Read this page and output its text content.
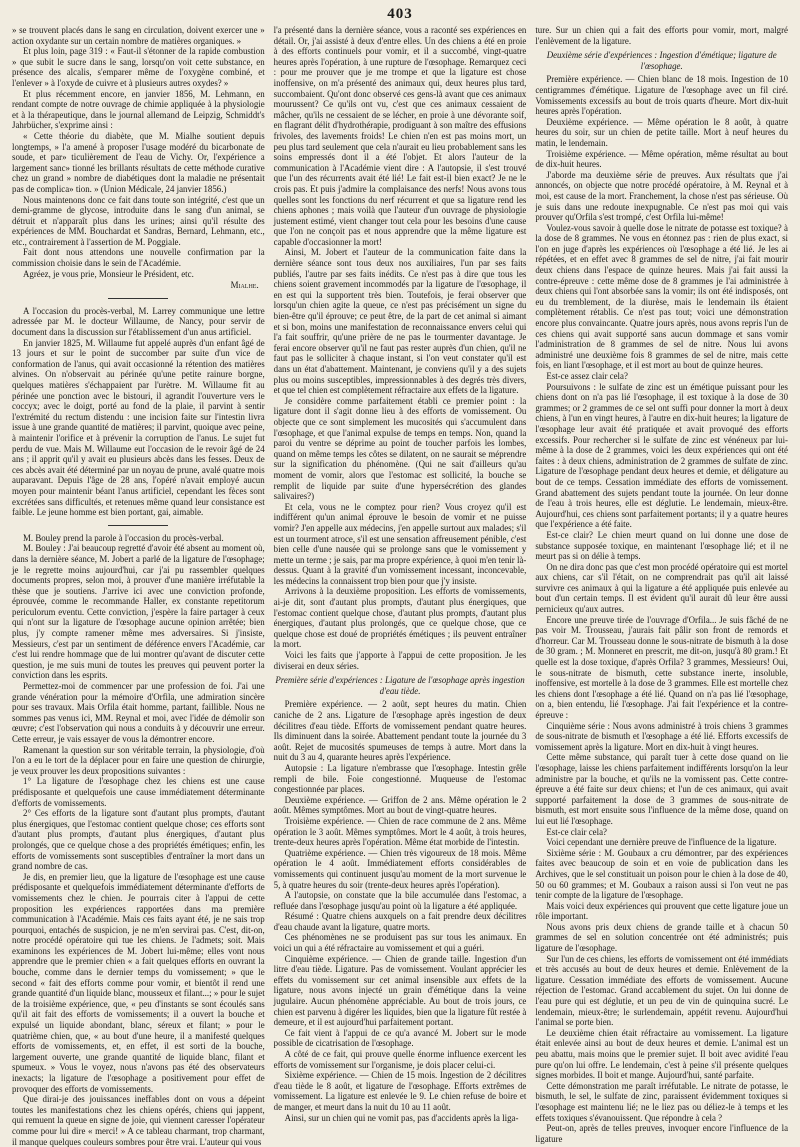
403

» se trouvent placés dans le sang en circulation, doivent exercer une » action oxydante sur un certain nombre de matières organiques. »

Et plus loin, page 319 : « Faut-il s'étonner de la rapide combustion » que subit le sucre dans le sang, lorsqu'on voit cette substance, en présence des alcalis, s'emparer même de l'oxygène combiné, et l'enlever » à l'oxyde de cuivre et à plusieurs autres oxydes? »

Et plus récemment encore, en janvier 1856, M. Lehmann, en rendant compte de notre ouvrage de chimie appliquée à la physiologie et à la thérapeutique, dans le journal allemand de Leipzig, Schmiddt's Jahrbücher, s'exprime ainsi :

« Cette théorie du diabète, que M. Mialhe soutient depuis longtemps, » l'a amené à proposer l'usage modéré du bicarbonate de soude, et par» ticulièrement de l'eau de Vichy. Or, l'expérience a largement sanc» tionné les brillants résultats de cette méthode curative chez un grand » nombre de diabétiques dont la maladie ne présentait pas de complica» tion. » (Union Médicale, 24 janvier 1856.)

Nous maintenons donc ce fait dans toute son intégrité, c'est que un demi-gramme de glycose, introduite dans le sang d'un animal, se détruit et n'apparaît plus dans les urines; ainsi qu'il résulte des expériences de MM. Bouchardat et Sandras, Bernard, Lehmann, etc., etc., contrairement à l'assertion de M. Poggiale.

Fait dont nous attendons une nouvelle confirmation par la commission choisie dans le sein de l'Académie.

Agréez, je vous prie, Monsieur le Président, etc.

Mialhe.

A l'occasion du procès-verbal, M. Larrey communique une lettre adressée par M. le docteur Willaume, de Nancy, pour servir de document dans la discussion sur l'établissement d'un anus artificiel.

En janvier 1825, M. Willaume fut appelé auprès d'un enfant âgé de 13 jours et sur le point de succomber par suite d'un vice de conformation de l'anus, qui avait occasionné la rétention des matières alvines. On n'observait au périnée qu'une petite rainure borgne, quelques matières s'échappaient par l'urètre. M. Willaume fit au périnée une ponction avec le bistouri, il agrandit l'ouverture vers le coccyx; avec le doigt, porté au fond de la plaie, il parvint à sentir l'extrémité du rectum distendu : une incision faite sur l'intestin livra issue à une grande quantité de matières; il parvint, quoique avec peine, à maintenir l'orifice et à prévenir la corruption de l'anus. Le sujet fut perdu de vue. Mais M. Willaume eut l'occasion de le revoir âgé de 24 ans ; il apprit qu'il y avait eu plusieurs abcès dans les fesses. Deux de ces abcès avait été déterminé par un noyau de prune, avalé quatre mois auparavant. Depuis l'âge de 28 ans, l'opéré n'avait employé aucun moyen pour maintenir béant l'anus artificiel, cependant les fèces sont excrétées sans difficultés, et retenues même quand leur consistance est faible. Le jeune homme est bien portant, gai, aimable.

M. Bouley prend la parole à l'occasion du procès-verbal.

M. Bouley : J'ai beaucoup regretté d'avoir été absent au moment où, dans la dernière séance, M. Jobert a parlé de la ligature de l'œsophage; je le regrette moins aujourd'hui, car j'ai pu rassembler quelques documents propres, selon moi, à prouver d'une manière irréfutable la thèse que je soutiens. J'arrive ici avec une conviction profonde, éprouvée, comme le recommande Haller, ex constante repetitorum periculorum eventu. Cette conviction, j'espère la faire partager à ceux qui n'ont sur la ligature de l'œsophage aucune opinion arrêtée; bien plus, j'y compte ramener même mes adversaires. Si j'insiste, Messieurs, c'est par un sentiment de déférence envers l'Académie, car c'est lui rendre hommage que de lui montrer qu'avant de discuter cette question, je me suis muni de toutes les preuves qui peuvent porter la conviction dans les esprits.

Permettez-moi de commencer par une profession de foi. J'ai une grande vénération pour la mémoire d'Orfila, une admiration sincère pour ses travaux. Mais Orfila était homme, partant, faillible. Nous ne sommes pas venus ici, MM. Reynal et moi, avec l'idée de démolir son œuvre; c'est l'observation qui nous a conduits à y découvrir une erreur. Cette erreur, je vais essayer de vous la démontrer encore.

Ramenant la question sur son véritable terrain, la physiologie, d'où l'on a eu le tort de la déplacer pour en faire une question de chirurgie, je veux prouver les deux propositions suivantes :

1° La ligature de l'œsophage chez les chiens est une cause prédisposante et quelquefois une cause immédiatement déterminante d'efforts de vomissements.

2° Ces efforts de la ligature sont d'autant plus prompts, d'autant plus énergiques, que l'estomac contient quelque chose; ces efforts sont d'autant plus prompts, d'autant plus énergiques, d'autant plus prolongés, que ce quelque chose a des propriétés émétiques; enfin, les efforts de vomissements sont susceptibles d'entraîner la mort dans un grand nombre de cas.

Je dis, en premier lieu, que la ligature de l'œsophage est une cause prédisposante et quelquefois immédiatement déterminante d'efforts de vomissements chez le chien. Je pourrais citer à l'appui de cette proposition les expériences rapportées dans ma première communication à l'Académie. Mais ces faits ayant été, je ne sais trop pourquoi, entachés de suspicion, je ne m'en servirai pas. C'est, dit-on, notre procédé opératoire qui tue les chiens. Je l'admets; soit. Mais examinons les expériences de M. Jobert lui-même; elles vont nous apprendre que le premier chien « a fait quelques efforts en ouvrant la bouche, comme dans le dernier temps du vomissement; » que le second « fait des efforts comme pour vomir, et bientôt il rend une grande quantité d'un liquide blanc, mousseux et filant...; » pour le sujet de la troisième expérience, que, « peu d'instants se sont écoulés sans qu'il ait fait des efforts de vomissements; il a ouvert la bouche et expulsé un liquide abondant, blanc, séreux et filant; » pour le quatrième chien, que, « au bout d'une heure, il a manifesté quelques efforts de vomissements, et, en effet, il est sorti de la bouche, largement ouverte, une grande quantité de liquide blanc, filant et spumeux. » Vous le voyez, nous n'avons pas été des observateurs inexacts; la ligature de l'œsophage a positivement pour effet de provoquer des efforts de vomissements.

Que dirai-je des jouissances ineffables dont on vous a dépeint toutes les manifestations chez les chiens opérés, chiens qui jappent, qui remuent la queue en signe de joie, qui viennent caresser l'opérateur comme pour lui dire « merci! » A ce tableau charmant, trop charmant, il manque quelques couleurs sombres pour être vrai. L'auteur qui vous

l'a présenté dans la dernière séance, vous a raconté ses expériences en détail. Or, j'ai assisté à deux d'entre elles. Un des chiens a été en proie à des efforts continuels pour vomir, et il a succombé, vingt-quatre heures après l'opération, à une rupture de l'œsophage. Remarquez ceci : pour me prouver que je me trompe et que la ligature est chose inoffensive, on m'a présenté des animaux qui, deux heures plus tard, succombaient. Qu'ont donc observé ces gens-là avant que ces animaux mourussent? Ce qu'ils ont vu, c'est que ces animaux cessaient de mâcher, qu'ils ne cessaient de se lécher, en proie à une dévorante soif, en flagrant délit d'hydrothérapie, prodiguant à son maître des effusions frivoles, des lavements froids! Le chien n'en est pas moins mort, un peu plus tard seulement que cela n'aurait eu lieu probablement sans les soins empressés dont il a été l'objet. Et alors l'auteur de la communication à l'Académie vient dire : A l'autopsie, il s'est trouvé que l'un des récurrents avait été lié! Le fait est-il bien exact? Je ne le crois pas. Et puis j'admire la complaisance des nerfs! Nous avons tous quelles sont les fonctions du nerf récurrent et que sa ligature rend les chiens aphones ; mais voilà que l'auteur d'un ouvrage de physiologie justement estimé, vient changer tout cela pour les besoins d'une cause que l'on ne conçoit pas et nous apprendre que la même ligature est capable d'occasionner la mort!

Ainsi, M. Jobert et l'auteur de la communication faite dans la dernière séance sont tous deux nos auxiliaires, l'un par ses faits publiés, l'autre par ses faits inédits. Ce n'est pas à dire que tous les chiens soient gravement incommodés par la ligature de l'œsophage, il en est qui la supportent très bien. Toutefois, je ferai observer que lorsqu'un chien agite la queue, ce n'est pas précisément un signe du bien-être qu'il éprouve; ce peut être, de la part de cet animal si aimant et si bon, moins une manifestation de reconnaissance envers celui qui l'a fait souffrir, qu'une prière de ne pas le tourmenter davantage. Je ferai encore observer qu'il ne faut pas rester auprès d'un chien, qu'il ne faut pas le solliciter à chaque instant, si l'on veut constater qu'il est dans un état d'abattement. Maintenant, je conviens qu'il y a des sujets plus ou moins susceptibles, impressionnables à des degrés très divers, et que tel chien est complètement réfractaire aux effets de la ligature.

Je considère comme parfaitement établi ce premier point : la ligature dont il s'agit donne lieu à des efforts de vomissement. Ou objecte que ce sont simplement les mucosités qui s'accumulent dans l'œsophage, et que l'animal expulse de temps en temps. Non, quand la paroi du ventre se déprime au point de toucher parfois les lombes, quand on même temps les côtes se dilatent, on ne saurait se méprendre sur la signification du phénomène. (Qui ne sait d'ailleurs qu'au moment de vomir, alors que l'estomac est sollicité, la bouche se remplit de liquide par suite d'une hypersécrétion des glandes salivaires?)

Et cela, vous ne le comptez pour rien? Vous croyez qu'il est indifférent qu'un animal éprouve le besoin de vomir et ne puisse vomir? J'en appelle aux médecins, j'en appelle surtout aux malades; s'il est un tourment atroce, s'il est une sensation affreusement pénible, c'est bien celle d'une nausée qui se prolonge sans que le vomissement y mette un terme ; je sais, par ma propre expérience, à quoi m'en tenir là-dessus. Quant à la gravité d'un vomissement incessant, inconcevable, les médecins la connaissent trop bien pour que j'y insiste.

Arrivons à la deuxième proposition. Les efforts de vomissements, ai-je dit, sont d'autant plus prompts, d'autant plus énergiques, que l'estomac contient quelque chose, d'autant plus prompts, d'autant plus énergiques, d'autant plus prolongés, que ce quelque chose, que ce quelque chose est doué de propriétés émétiques ; ils peuvent entraîner la mort.

Voici les faits que j'apporte à l'appui de cette proposition. Je les diviserai en deux séries.

Première série d'expériences : Ligature de l'œsophage après ingestion d'eau tiède.

Première expérience. — 2 août, sept heures du matin. Chien caniche de 2 ans. Ligature de l'œsophage après ingestion de deux décilitres d'eau tiède. Efforts de vomissement pendant quatre heures. Ils diminuent dans la soirée. Abattement pendant toute la journée du 3 août. Rejet de mucosités spumeuses de temps à autre. Mort dans la nuit du 3 au 4, quarante heures après l'expérience.

Autopsie : La ligature n'embrasse que l'œsophage. Intestin grêle rempli de bile. Foie congestionné. Muqueuse de l'estomac congestionnée par places.

Deuxième expérience. — Griffon de 2 ans. Même opération le 2 août. Mêmes symptômes. Mort au bout de vingt-quatre heures.

Troisième expérience. — Chien de race commune de 2 ans. Même opération le 3 août. Mêmes symptômes. Mort le 4 août, à trois heures, trente-deux heures après l'opération. Même état morbide de l'intestin.

Quatrième expérience. — Chien très vigoureux de 18 mois. Même opération le 4 août. Immédiatement efforts considérables de vomissements qui continuent jusqu'au moment de la mort survenue le 5, à quatre heures du soir (trente-deux heures après l'opération).

A l'autopsie, on constate que la bile accumulée dans l'estomac, a refluée dans l'œsophage jusqu'au point où la ligature a été appliquée.

Résumé : Quatre chiens auxquels on a fait prendre deux décilitres d'eau chaude avant la ligature, quatre morts.

Ces phénomènes ne se produisent pas sur tous les animaux. En voici un qui a été réfractaire au vomissement et qui a guéri.

Cinquième expérience. — Chien de grande taille. Ingestion d'un litre d'eau tiède. Ligature. Pas de vomissement. Voulant apprécier les effets du vomissement sur cet animal insensible aux effets de la ligature, nous avons injecté un grain d'émétique dans la veine jugulaire. Aucun phénomène appréciable. Au bout de trois jours, ce chien est parvenu à digérer les liquides, bien que la ligature fût restée à demeure, et il est aujourd'hui parfaitement portant.

Ce fait vient à l'appui de ce qu'a avancé M. Jobert sur le mode possible de cicatrisation de l'œsophage.

A côté de ce fait, qui prouve quelle énorme influence exercent les efforts de vomissement sur l'organisme, je dois placer celui-ci.

Sixième expérience. — Chien de 15 mois. Ingestion de 2 décilitres d'eau tiède le 8 août, et ligature de l'œsophage. Efforts extrêmes de vomissement. La ligature est enlevée le 9. Le chien refuse de boire et de manger, et meurt dans la nuit du 10 au 11 août.

Ainsi, sur un chien qui ne vomit pas, pas d'accidents après la liga-

ture. Sur un chien qui a fait des efforts pour vomir, mort, malgré l'enlèvement de la ligature.

Deuxième série d'expériences : Ingestion d'émétique; ligature de l'œsophage.

Première expérience. — Chien blanc de 18 mois. Ingestion de 10 centigrammes d'émétique. Ligature de l'œsophage avec un fil ciré. Vomissements excessifs au bout de trois quarts d'heure. Mort dix-huit heures après l'opération.

Deuxième expérience. — Même opération le 8 août, à quatre heures du soir, sur un chien de petite taille. Mort à neuf heures du matin, le lendemain.

Troisième expérience. — Même opération, même résultat au bout de dix-huit heures.

J'aborde ma deuxième série de preuves. Aux résultats que j'ai annoncés, on objecte que notre procédé opératoire, à M. Reynal et à moi, est cause de la mort. Franchement, la chose n'est pas sérieuse. Où je suis dans une redoute inexpugnable. Ce n'est pas moi qui vais prouver qu'Orfila s'est trompé, c'est Orfila lui-même!

Voulez-vous savoir à quelle dose le nitrate de potasse est toxique? à la dose de 8 grammes. Ne vous en étonnez pas : rien de plus exact, si l'on en juge d'après les expériences où l'œsophage a été lié. Je les ai répétées, et en effet avec 8 grammes de sel de nitre, j'ai fait mourir deux chiens dans l'espace de quinze heures. Mais j'ai fait aussi la contre-épreuve : cette même dose de 8 grammes je l'ai administrée à deux chiens qui l'ont absorbée sans la vomir; ils ont été indisposés, ont eu du tremblement, de la diurèse, mais le lendemain ils étaient complètement rétablis. Ce n'est pas tout; voici une démonstration encore plus convaincante. Quatre jours après, nous avons repris l'un de ces chiens qui avait supporté sans aucun dommage et sans vomir l'administration de 8 grammes de sel de nitre. Nous lui avons administré une deuxième fois 8 grammes de sel de nitre, mais cette fois, en liant l'œsophage, et il est mort au bout de quinze heures.

Est-ce assez clair cela?

Poursuivons : le sulfate de zinc est un émétique puissant pour les chiens dont on n'a pas lié l'œsophage, il est toxique à la dose de 30 grammes; or 2 grammes de ce sel ont suffi pour donner la mort à deux chiens, à l'un en vingt heures, à l'autre en dix-huit heures; la ligature de l'œsophage leur avait été pratiquée et avait provoqué des efforts excessifs. Pour rechercher si le sulfate de zinc est vénéneux par lui-même à la dose de 2 grammes, voici les deux expériences qui ont été faites : à deux chiens, administration de 2 grammes de sulfate de zinc. Ligature de l'œsophage pendant deux heures et demie, et déligature au bout de ce temps. Cessation immédiate des efforts de vomissement. Grand abattement des sujets pendant toute la journée. On leur donne de l'eau à trois heures, elle est déglutie. Le lendemain, mieux-être. Aujourd'hui, ces chiens sont parfaitement portants; il y a quatre heures que l'expérience a été faite.

Est-ce clair? Le chien meurt quand on lui donne une dose de substance supposée toxique, en maintenant l'œsophage lié; et il ne meurt pas si on délie à temps.

On ne dira donc pas que c'est mon procédé opératoire qui est mortel aux chiens, car s'il l'était, on ne comprendrait pas qu'il ait laissé survivre ces animaux à qui la ligature a été appliquée puis enlevée au bout d'un certain temps. Il est évident qu'il aurait dû leur être aussi pernicieux qu'aux autres.

Encore une preuve tirée de l'ouvrage d'Orfila... Je suis fâché de ne pas voir M. Trousseau, j'aurais fait pâlir son front de remords et d'horreur. Car M. Trousseau donne le sous-nitrate de bismuth à la dose de 30 gram. ; M. Monneret en prescrit, me dit-on, jusqu'à 80 gram.! Et quelle est la dose toxique, d'après Orfila? 3 grammes, Messieurs! Oui, le sous-nitrate de bismuth, cette substance inerte, insoluble, inoffensive, est mortelle à la dose de 3 grammes. Elle est mortelle chez les chiens dont l'œsophage a été lié. Quand on n'a pas lié l'œsophage, on a, bien entendu, lié l'œsophage. J'ai fait l'expérience et la contre-épreuve :

Cinquième série : Nous avons administré à trois chiens 3 grammes de sous-nitrate de bismuth et l'œsophage a été lié. Efforts excessifs de vomissement après la ligature. Mort en dix-huit à vingt heures.

Cette même substance, qui paraît tuer à cette dose quand on lie l'œsophage, laisse les chiens parfaitement indifférents lorsqu'on la leur administre par la bouche, et qu'ils ne la vomissent pas. Cette contre-épreuve a été faite sur deux chiens; et l'un de ces animaux, qui avait supporté parfaitement la dose de 3 grammes de sous-nitrate de bismuth, est mort ensuite sous l'influence de la même dose, quand on lui eut lié l'œsophage.

Est-ce clair cela?

Voici cependant une dernière preuve de l'influence de la ligature.

Sixième série : M. Goubaux a cru démontrer, par des expériences faites avec beaucoup de soin et en voie de publication dans les Archives, que le sel constituait un poison pour le chien à la dose de 40, 50 ou 60 grammes; et M. Goubaux a raison aussi si l'on veut ne pas tenir compte de la ligature de l'œsophage.

Mais voici deux expériences qui prouvent que cette ligature joue un rôle important.

Nous avons pris deux chiens de grande taille et à chacun 50 grammes de sel en solution concentrée ont été administrés; puis ligature de l'œsophage.

Sur l'un de ces chiens, les efforts de vomissement ont été immédiats et très accusés au bout de deux heures et demie. Enlèvement de la ligature. Cessation immédiate des efforts de vomissement. Aucune réjection de l'estomac. Grand accablement du sujet. On lui donne de l'eau pure qui est déglutie, et un peu de vin de quinquina sucré. Le lendemain, mieux-être; le surlendemain, appétit revenu. Aujourd'hui l'animal se porte bien.

Le deuxième chien était réfractaire au vomissement. La ligature était enlevée ainsi au bout de deux heures et demie. L'animal est un peu abattu, mais moins que le premier sujet. Il boit avec avidité l'eau pure qu'on lui offre. Le lendemain, c'est à peine s'il présente quelques signes morbides. Il boit et mange. Aujourd'hui, santé parfaite.

Cette démonstration me paraît irréfutable. Le nitrate de potasse, le bismuth, le sel, le sulfate de zinc, paraissent évidemment toxiques si l'œsophage est maintenu lié; ne le liez pas ou déliez-le à temps et les effets toxiques s'évanouissent. Que répondre à cela ?

Peut-on, après de telles preuves, invoquer encore l'influence de la ligature
